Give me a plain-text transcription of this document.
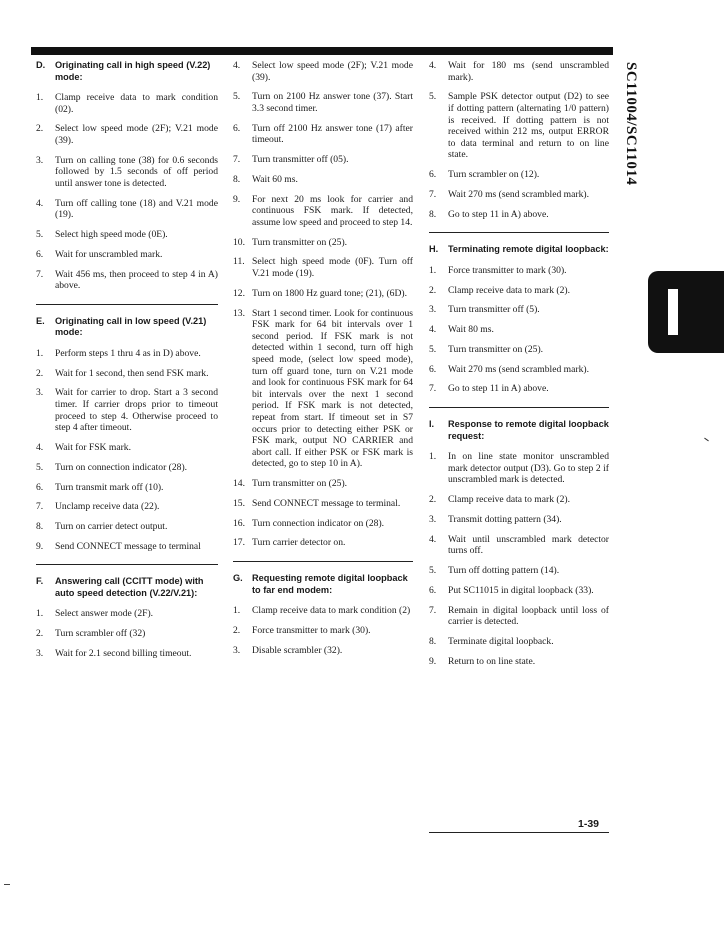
D.	Originating call in high speed (V.22) mode:
1.	Clamp receive data to mark condition (02).
2.	Select low speed mode (2F); V.21 mode (39).
3.	Turn on calling tone (38) for 0.6 seconds followed by 1.5 seconds of off period until answer tone is detected.
4.	Turn off calling tone (18) and V.21 mode (19).
5.	Select high speed mode (0E).
6.	Wait for unscrambled mark.
7.	Wait 456 ms, then proceed to step 4 in A) above.
E.	Originating call in low speed (V.21) mode:
1.	Perform steps 1 thru 4 as in D) above.
2.	Wait for 1 second, then send FSK mark.
3.	Wait for carrier to drop. Start a 3 second timer. If carrier drops prior to timeout proceed to step 4. Otherwise proceed to step 4 after timeout.
4.	Wait for FSK mark.
5.	Turn on connection indicator (28).
6.	Turn transmit mark off (10).
7.	Unclamp receive data (22).
8.	Turn on carrier detect output.
9.	Send CONNECT message to terminal
F.	Answering call (CCITT mode) with auto speed detection (V.22/V.21):
1.	Select answer mode (2F).
2.	Turn scrambler off (32)
3.	Wait for 2.1 second billing timeout.
4.	Select low speed mode (2F); V.21 mode (39).
5.	Turn on 2100 Hz answer tone (37). Start 3.3 second timer.
6.	Turn off 2100 Hz answer tone (17) after timeout.
7.	Turn transmitter off (05).
8.	Wait 60 ms.
9.	For next 20 ms look for carrier and continuous FSK mark. If detected, assume low speed and proceed to step 14.
10. Turn transmitter on (25).
11. Select high speed mode (0F). Turn off V.21 mode (19).
12. Turn on 1800 Hz guard tone; (21), (6D).
13. Start 1 second timer. Look for continuous FSK mark for 64 bit intervals over 1 second period. If FSK mark is not detected within 1 second, turn off high speed mode, (select low speed mode), turn off guard tone, turn on V.21 mode and look for continuous FSK mark for 64 bit intervals over the next 1 second period. If FSK mark is not detected, repeat from start. If timeout set in S7 occurs prior to detecting either PSK or FSK mark, output NO CARRIER and abort call. If either PSK or FSK mark is detected, go to step 10 in A).
14. Turn transmitter on (25).
15. Send CONNECT message to terminal.
16. Turn connection indicator on (28).
17. Turn carrier detector on.
G.	Requesting remote digital loopback to far end modem:
1.	Clamp receive data to mark condition (2)
2.	Force transmitter to mark (30).
3.	Disable scrambler (32).
4.	Wait for 180 ms (send unscrambled mark).
5.	Sample PSK detector output (D2) to see if dotting pattern (alternating 1/0 pattern) is received. If dotting pattern is not received within 212 ms, output ERROR to data terminal and return to on line state.
6.	Turn scrambler on (12).
7.	Wait 270 ms (send scrambled mark).
8.	Go to step 11 in A) above.
H.	Terminating remote digital loopback:
1.	Force transmitter to mark (30).
2.	Clamp receive data to mark (2).
3.	Turn transmitter off (5).
4.	Wait 80 ms.
5.	Turn transmitter on (25).
6.	Wait 270 ms (send scrambled mark).
7.	Go to step 11 in A) above.
I.	Response to remote digital loopback request:
1.	In on line state monitor unscrambled mark detector output (D3). Go to step 2 if unscrambled mark is detected.
2.	Clamp receive data to mark (2).
3.	Transmit dotting pattern (34).
4.	Wait until unscrambled mark detector turns off.
5.	Turn off dotting pattern (14).
6.	Put SC11015 in digital loopback (33).
7.	Remain in digital loopback until loss of carrier is detected.
8.	Terminate digital loopback.
9.	Return to on line state.
SC11004/SC11014
1-39
